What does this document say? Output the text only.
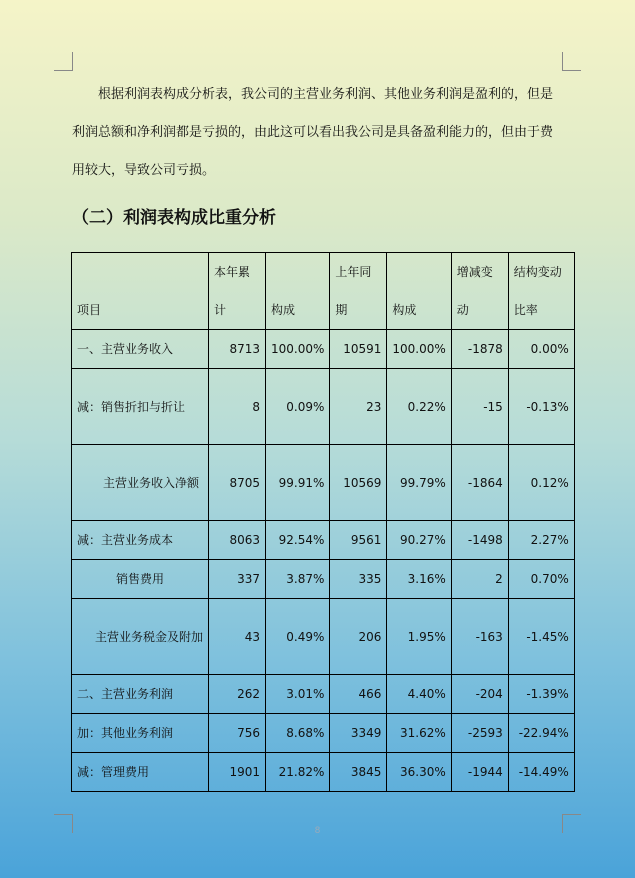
根据利润表构成分析表，我公司的主营业务利润、其他业务利润是盈利的，但是利润总额和净利润都是亏损的，由此这可以看出我公司是具备盈利能力的，但由于费用较大，导致公司亏损。

（二）利润表构成比重分析
项目	本年累计	构成	上年同期	构成	增减变动	结构变动比率
一、主营业务收入	8713	100.00%	10591	100.00%	-1878	0.00%
减：销售折扣与折让	8	0.09%	23	0.22%	-15	-0.13%
主营业务收入净额	8705	99.91%	10569	99.79%	-1864	0.12%
减：主营业务成本	8063	92.54%	9561	90.27%	-1498	2.27%
销售费用	337	3.87%	335	3.16%	2	0.70%
主营业务税金及附加	43	0.49%	206	1.95%	-163	-1.45%
二、主营业务利润	262	3.01%	466	4.40%	-204	-1.39%
加：其他业务利润	756	8.68%	3349	31.62%	-2593	-22.94%
减：管理费用	1901	21.82%	3845	36.30%	-1944	-14.49%
8
